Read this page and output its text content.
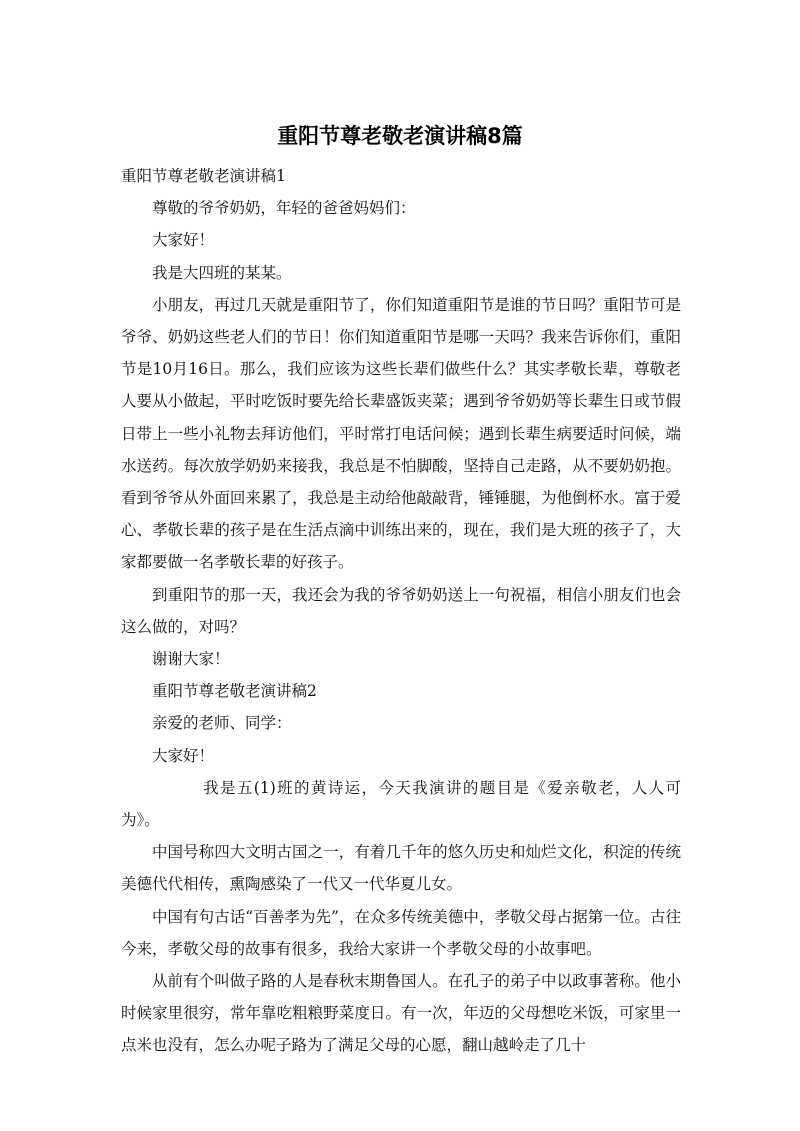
重阳节尊老敬老演讲稿8篇

重阳节尊老敬老演讲稿1

尊敬的爷爷奶奶，年轻的爸爸妈妈们：

大家好！

我是大四班的某某。

小朋友，再过几天就是重阳节了，你们知道重阳节是谁的节日吗？重阳节可是爷爷、奶奶这些老人们的节日！你们知道重阳节是哪一天吗？我来告诉你们，重阳节是10月16日。那么，我们应该为这些长辈们做些什么？其实孝敬长辈，尊敬老人要从小做起，平时吃饭时要先给长辈盛饭夹菜；遇到爷爷奶奶等长辈生日或节假日带上一些小礼物去拜访他们，平时常打电话问候；遇到长辈生病要适时问候，端水送药。每次放学奶奶来接我，我总是不怕脚酸，坚持自己走路，从不要奶奶抱。看到爷爷从外面回来累了，我总是主动给他敲敲背，锤锤腿，为他倒杯水。富于爱心、孝敬长辈的孩子是在生活点滴中训练出来的，现在，我们是大班的孩子了，大家都要做一名孝敬长辈的好孩子。

到重阳节的那一天，我还会为我的爷爷奶奶送上一句祝福，相信小朋友们也会这么做的，对吗？

谢谢大家！

重阳节尊老敬老演讲稿2

亲爱的老师、同学：

大家好！

我是五(1)班的黄诗运，今天我演讲的题目是《爱亲敬老，人人可为》。

中国号称四大文明古国之一，有着几千年的悠久历史和灿烂文化，积淀的传统美德代代相传，熏陶感染了一代又一代华夏儿女。

中国有句古话“百善孝为先”，在众多传统美德中，孝敬父母占据第一位。古往今来，孝敬父母的故事有很多，我给大家讲一个孝敬父母的小故事吧。

从前有个叫做子路的人是春秋末期鲁国人。在孔子的弟子中以政事著称。他小时候家里很穷，常年靠吃粗粮野菜度日。有一次，年迈的父母想吃米饭，可家里一点米也没有，怎么办呢子路为了满足父母的心愿，翻山越岭走了几十
